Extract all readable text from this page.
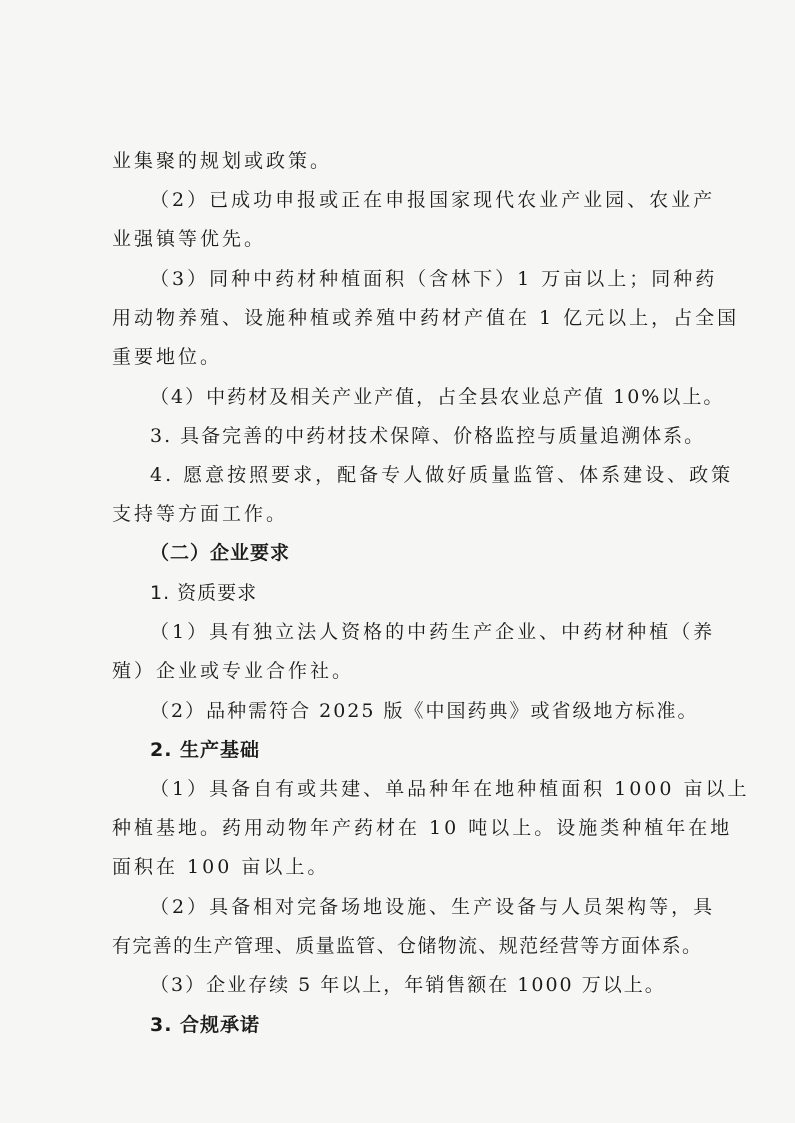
业集聚的规划或政策。
（2）已成功申报或正在申报国家现代农业产业园、农业产
业强镇等优先。
（3）同种中药材种植面积（含林下）1 万亩以上；同种药
用动物养殖、设施种植或养殖中药材产值在 1 亿元以上，占全国
重要地位。
（4）中药材及相关产业产值，占全县农业总产值 10%以上。
3. 具备完善的中药材技术保障、价格监控与质量追溯体系。
4. 愿意按照要求，配备专人做好质量监管、体系建设、政策
支持等方面工作。
（二）企业要求
1. 资质要求
（1）具有独立法人资格的中药生产企业、中药材种植（养
殖）企业或专业合作社。
（2）品种需符合 2025 版《中国药典》或省级地方标准。
2. 生产基础
（1）具备自有或共建、单品种年在地种植面积 1000 亩以上
种植基地。药用动物年产药材在 10 吨以上。设施类种植年在地
面积在 100 亩以上。
（2）具备相对完备场地设施、生产设备与人员架构等，具
有完善的生产管理、质量监管、仓储物流、规范经营等方面体系。
（3）企业存续 5 年以上，年销售额在 1000 万以上。
3. 合规承诺
